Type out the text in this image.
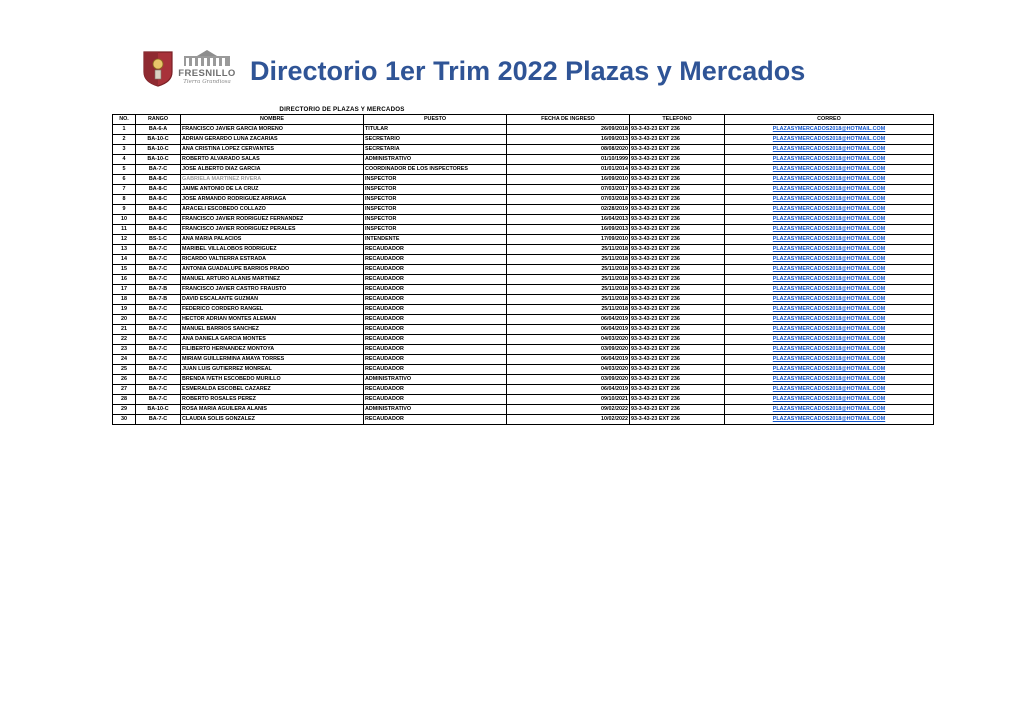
FRESNILLO
Tierra Grandiosa Directorio 1er Trim 2022 Plazas y Mercados
DIRECTORIO DE PLAZAS Y MERCADOS
NO.	RANGO	NOMBRE	PUESTO	FECHA DE INGRESO	TELEFONO	CORREO
1	BA-6-A	FRANCISCO JAVIER GARCIA MORENO	TITULAR	26/09/2018	93-3-43-23 EXT 236	PLAZASYMERCADOS2018@HOTMAIL.COM
2	BA-10-C	ADRIAN GERARDO LUNA ZACARIAS	SECRETARIO	16/09/2013	93-3-43-23 EXT 236	PLAZASYMERCADOS2018@HOTMAIL.COM
3	BA-10-C	ANA CRISTINA LOPEZ CERVANTES	SECRETARIA	08/08/2020	93-3-43-23 EXT 236	PLAZASYMERCADOS2018@HOTMAIL.COM
4	BA-10-C	ROBERTO ALVARADO SALAS	ADMINISTRATIVO	01/10/1999	93-3-43-23 EXT 236	PLAZASYMERCADOS2018@HOTMAIL.COM
5	BA-7-C	JOSE ALBERTO DIAZ GARCIA	COORDINADOR DE LOS INSPECTORES	01/01/2014	93-3-43-23 EXT 236	PLAZASYMERCADOS2018@HOTMAIL.COM
6	BA-8-C	GABRIELA MARTINEZ RIVERA	INSPECTOR	16/09/2010	93-3-43-23 EXT 236	PLAZASYMERCADOS2018@HOTMAIL.COM
7	BA-8-C	JAIME ANTONIO DE LA CRUZ	INSPECTOR	07/03/2017	93-3-43-23 EXT 236	PLAZASYMERCADOS2018@HOTMAIL.COM
8	BA-8-C	JOSE ARMANDO RODRIGUEZ ARRIAGA	INSPECTOR	07/03/2018	93-3-43-23 EXT 236	PLAZASYMERCADOS2018@HOTMAIL.COM
9	BA-8-C	ARACELI ESCOBEDO COLLAZO	INSPECTOR	02/28/2019	93-3-43-23 EXT 236	PLAZASYMERCADOS2018@HOTMAIL.COM
10	BA-8-C	FRANCISCO JAVIER RODRIGUEZ FERNANDEZ	INSPECTOR	16/04/2013	93-3-43-23 EXT 236	PLAZASYMERCADOS2018@HOTMAIL.COM
11	BA-8-C	FRANCISCO JAVIER RODRIGUEZ PERALES	INSPECTOR	16/09/2013	93-3-43-23 EXT 236	PLAZASYMERCADOS2018@HOTMAIL.COM
12	BS-1-C	ANA MARIA PALACIOS	INTENDENTE	17/09/2010	93-3-43-23 EXT 236	PLAZASYMERCADOS2018@HOTMAIL.COM
13	BA-7-C	MARIBEL VILLALOBOS RODRIGUEZ	RECAUDADOR	25/11/2018	93-3-43-23 EXT 236	PLAZASYMERCADOS2018@HOTMAIL.COM
14	BA-7-C	RICARDO VALTIERRA ESTRADA	RECAUDADOR	25/11/2018	93-3-43-23 EXT 236	PLAZASYMERCADOS2018@HOTMAIL.COM
15	BA-7-C	ANTONIA GUADALUPE BARRIOS PRADO	RECAUDADOR	25/11/2018	93-3-43-23 EXT 236	PLAZASYMERCADOS2018@HOTMAIL.COM
16	BA-7-C	MANUEL ARTURO ALANIS MARTINEZ	RECAUDADOR	25/11/2018	93-3-43-23 EXT 236	PLAZASYMERCADOS2018@HOTMAIL.COM
17	BA-7-B	FRANCISCO JAVIER CASTRO FRAUSTO	RECAUDADOR	25/11/2018	93-3-43-23 EXT 236	PLAZASYMERCADOS2018@HOTMAIL.COM
18	BA-7-B	DAVID ESCALANTE GUZMAN	RECAUDADOR	25/11/2018	93-3-43-23 EXT 236	PLAZASYMERCADOS2018@HOTMAIL.COM
19	BA-7-C	FEDERICO CORDERO RANGEL	RECAUDADOR	25/11/2018	93-3-43-23 EXT 236	PLAZASYMERCADOS2018@HOTMAIL.COM
20	BA-7-C	HECTOR ADRIAN MONTES ALEMAN	RECAUDADOR	06/04/2019	93-3-43-23 EXT 236	PLAZASYMERCADOS2018@HOTMAIL.COM
21	BA-7-C	MANUEL BARRIOS SANCHEZ	RECAUDADOR	06/04/2019	93-3-43-23 EXT 236	PLAZASYMERCADOS2018@HOTMAIL.COM
22	BA-7-C	ANA DANIELA GARCIA MONTES	RECAUDADOR	04/03/2020	93-3-43-23 EXT 236	PLAZASYMERCADOS2018@HOTMAIL.COM
23	BA-7-C	FILIBERTO HERNANDEZ MONTOYA	RECAUDADOR	03/09/2020	93-3-43-23 EXT 236	PLAZASYMERCADOS2018@HOTMAIL.COM
24	BA-7-C	MIRIAM GUILLERMINA AMAYA TORRES	RECAUDADOR	06/04/2019	93-3-43-23 EXT 236	PLAZASYMERCADOS2018@HOTMAIL.COM
25	BA-7-C	JUAN LUIS GUTIERREZ MONREAL	RECAUDADOR	04/03/2020	93-3-43-23 EXT 236	PLAZASYMERCADOS2018@HOTMAIL.COM
26	BA-7-C	BRENDA IVETH ESCOBEDO MURILLO	ADMINISTRATIVO	03/09/2020	93-3-43-23 EXT 236	PLAZASYMERCADOS2018@HOTMAIL.COM
27	BA-7-C	ESMERALDA ESCOBEL CAZAREZ	RECAUDADOR	06/04/2019	93-3-43-23 EXT 236	PLAZASYMERCADOS2018@HOTMAIL.COM
28	BA-7-C	ROBERTO ROSALES PEREZ	RECAUDADOR	09/10/2021	93-3-43-23 EXT 236	PLAZASYMERCADOS2018@HOTMAIL.COM
29	BA-10-C	ROSA MARIA AGUILERA ALANIS	ADMINISTRATIVO	09/02/2022	93-3-43-23 EXT 236	PLAZASYMERCADOS2018@HOTMAIL.COM
30	BA-7-C	CLAUDIA SOLIS GONZALEZ	RECAUDADOR	10/02/2022	93-3-43-23 EXT 236	PLAZASYMERCADOS2018@HOTMAIL.COM
